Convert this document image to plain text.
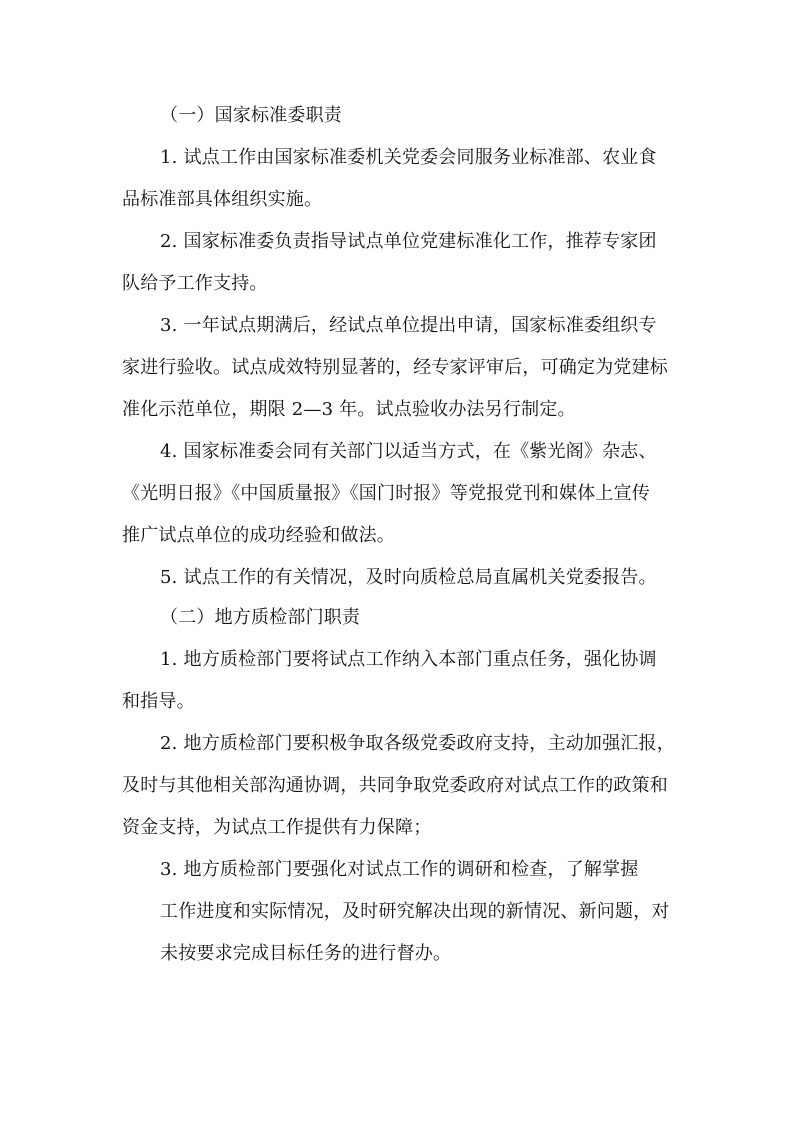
（一）国家标准委职责
1. 试点工作由国家标准委机关党委会同服务业标准部、农业食
品标准部具体组织实施。
2. 国家标准委负责指导试点单位党建标准化工作，推荐专家团
队给予工作支持。
3. 一年试点期满后，经试点单位提出申请，国家标准委组织专
家进行验收。试点成效特别显著的，经专家评审后，可确定为党建标
准化示范单位，期限 2—3 年。试点验收办法另行制定。
4. 国家标准委会同有关部门以适当方式，在《紫光阁》杂志、
《光明日报》《中国质量报》《国门时报》等党报党刊和媒体上宣传
推广试点单位的成功经验和做法。
5. 试点工作的有关情况，及时向质检总局直属机关党委报告。
（二）地方质检部门职责
1. 地方质检部门要将试点工作纳入本部门重点任务，强化协调
和指导。
2. 地方质检部门要积极争取各级党委政府支持，主动加强汇报，
及时与其他相关部沟通协调，共同争取党委政府对试点工作的政策和
资金支持，为试点工作提供有力保障；
3. 地方质检部门要强化对试点工作的调研和检查，了解掌握
工作进度和实际情况，及时研究解决出现的新情况、新问题，对
未按要求完成目标任务的进行督办。
